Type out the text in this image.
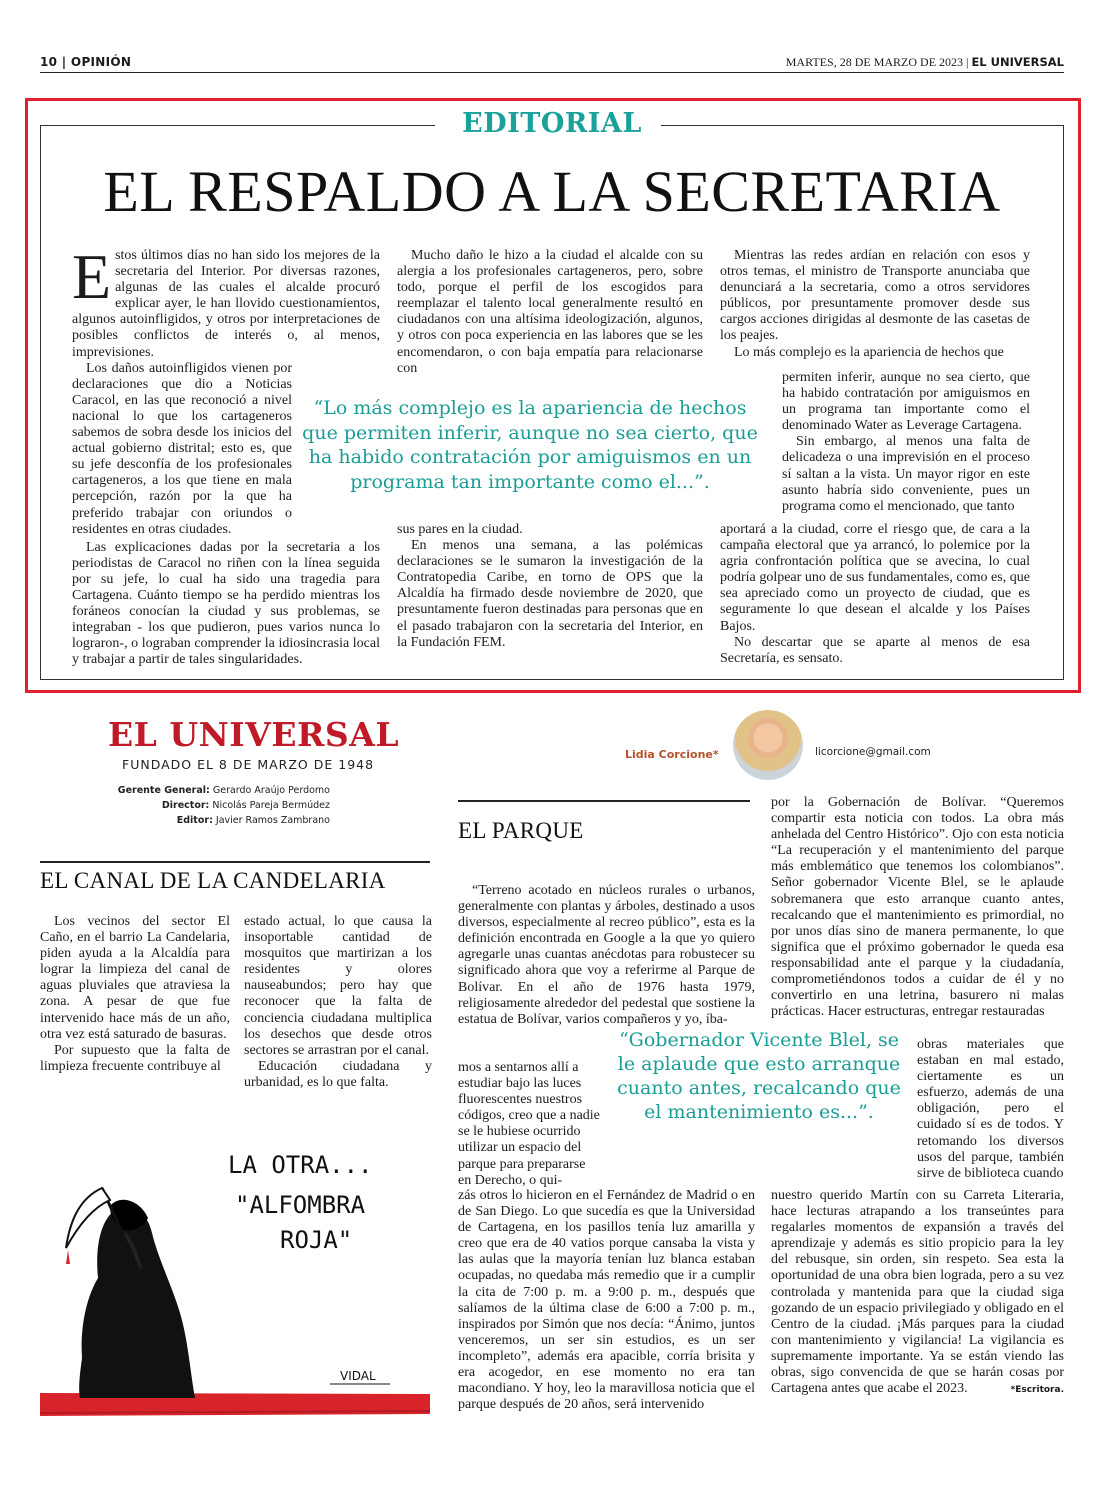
10 | OPINIÓN	MARTES, 28 DE MARZO DE 2023 | EL UNIVERSAL
EDITORIAL
EL RESPALDO A LA SECRETARIA
E stos últimos días no han sido los mejores de la secretaria del Interior. Por diversas razones, algunas de las cuales el alcalde procuró explicar ayer, le han llovido cuestionamientos, algunos autoinfligidos, y otros por interpretaciones de posibles conflictos de interés o, al menos, imprevisiones.

Los daños autoinfligidos vienen por declaraciones que dio a Noticias Caracol, en las que reconoció a nivel nacional lo que los cartageneros sabemos de sobra desde los inicios del actual gobierno distrital; esto es, que su jefe desconfía de los profesionales cartageneros, a los que tiene en mala percepción, razón por la que ha preferido trabajar con oriundos o residentes en otras ciudades.

Las explicaciones dadas por la secretaria a los periodistas de Caracol no riñen con la línea seguida por su jefe, lo cual ha sido una tragedia para Cartagena. Cuánto tiempo se ha perdido mientras los foráneos conocían la ciudad y sus problemas, se integraban - los que pudieron, pues varios nunca lo lograron-, o lograban comprender la idiosincrasia local y trabajar a partir de tales singularidades.

Mucho daño le hizo a la ciudad el alcalde con su alergia a los profesionales cartageneros, pero, sobre todo, porque el perfil de los escogidos para reemplazar el talento local generalmente resultó en ciudadanos con una altísima ideologización, algunos, y otros con poca experiencia en las labores que se les encomendaron, o con baja empatía para relacionarse con

sus pares en la ciudad.

En menos una semana, a las polémicas declaraciones se le sumaron la investigación de la Contratopedia Caribe, en torno de OPS que la Alcaldía ha firmado desde noviembre de 2020, que presuntamente fueron destinadas para personas que en el pasado trabajaron con la secretaria del Interior, en la Fundación FEM.

Mientras las redes ardían en relación con esos y otros temas, el ministro de Transporte anunciaba que denunciará a la secretaria, como a otros servidores públicos, por presuntamente promover desde sus cargos acciones dirigidas al desmonte de las casetas de los peajes.

Lo más complejo es la apariencia de hechos que

permiten inferir, aunque no sea cierto, que ha habido contratación por amiguismos en un programa tan importante como el denominado Water as Leverage Cartagena.

Sin embargo, al menos una falta de delicadeza o una imprevisión en el proceso sí saltan a la vista. Un mayor rigor en este asunto habría sido conveniente, pues un programa como el mencionado, que tanto

aportará a la ciudad, corre el riesgo que, de cara a la campaña electoral que ya arrancó, lo polemice por la agria confrontación política que se avecina, lo cual podría golpear uno de sus fundamentales, como es, que sea apreciado como un proyecto de ciudad, que es seguramente lo que desean el alcalde y los Países Bajos.

No descartar que se aparte al menos de esa Secretaría, es sensato.

“Lo más complejo es la apariencia de hechos que permiten inferir, aunque no sea cierto, que ha habido contratación por amiguismos en un programa tan importante como el...”.
EL UNIVERSAL
FUNDADO EL 8 DE MARZO DE 1948
Gerente General: Gerardo Araújo Perdomo
Director: Nicolás Pareja Bermúdez
Editor: Javier Ramos Zambrano
EL CANAL DE LA CANDELARIA

Los vecinos del sector El Caño, en el barrio La Candelaria, piden ayuda a la Alcaldía para lograr la limpieza del canal de aguas pluviales que atraviesa la zona. A pesar de que fue intervenido hace más de un año, otra vez está saturado de basuras.

Por supuesto que la falta de limpieza frecuente contribuye al

estado actual, lo que causa la insoportable cantidad de mosquitos que martirizan a los residentes y olores nauseabundos; pero hay que reconocer que la falta de conciencia ciudadana multiplica los desechos que desde otros sectores se arrastran por el canal.

Educación ciudadana y urbanidad, es lo que falta.

LA OTRA...
"ALFOMBRA
ROJA"
VIDAL
Lidia Corcione*	licorcione@gmail.com
EL PARQUE

“Terreno acotado en núcleos rurales o urbanos, generalmente con plantas y árboles, destinado a usos diversos, especialmente al recreo público”, esta es la definición encontrada en Google a la que yo quiero agregarle unas cuantas anécdotas para robustecer su significado ahora que voy a referirme al Parque de Bolívar. En el año de 1976 hasta 1979, religiosamente alrededor del pedestal que sostiene la estatua de Bolívar, varios compañeros y yo, íba-

mos a sentarnos allí a estudiar bajo las luces fluorescentes nuestros códigos, creo que a nadie se le hubiese ocurrido utilizar un espacio del parque para prepararse en Derecho, o qui-

zás otros lo hicieron en el Fernández de Madrid o en de San Diego. Lo que sucedía es que la Universidad de Cartagena, en los pasillos tenía luz amarilla y creo que era de 40 vatios porque cansaba la vista y las aulas que la mayoría tenían luz blanca estaban ocupadas, no quedaba más remedio que ir a cumplir la cita de 7:00 p. m. a 9:00 p. m., después que salíamos de la última clase de 6:00 a 7:00 p. m., inspirados por Simón que nos decía: “Ánimo, juntos venceremos, un ser sin estudios, es un ser incompleto”, además era apacible, corría brisita y era acogedor, en ese momento no era tan macondiano. Y hoy, leo la maravillosa noticia que el parque después de 20 años, será intervenido

por la Gobernación de Bolívar. “Queremos compartir esta noticia con todos. La obra más anhelada del Centro Histórico”. Ojo con esta noticia “La recuperación y el mantenimiento del parque más emblemático que tenemos los colombianos”. Señor gobernador Vicente Blel, se le aplaude sobremanera que esto arranque cuanto antes, recalcando que el mantenimiento es primordial, no por unos días sino de manera permanente, lo que significa que el próximo gobernador le queda esa responsabilidad ante el parque y la ciudadanía, comprometiéndonos todos a cuidar de él y no convertirlo en una letrina, basurero ni malas prácticas. Hacer estructuras, entregar restauradas

obras materiales que estaban en mal estado, ciertamente es un esfuerzo, además de una obligación, pero el cuidado sí es de todos. Y retomando los diversos usos del parque, también sirve de biblioteca cuando

nuestro querido Martín con su Carreta Literaria, hace lecturas atrapando a los transeúntes para regalarles momentos de expansión a través del aprendizaje y además es sitio propicio para la ley del rebusque, sin orden, sin respeto. Sea esta la oportunidad de una obra bien lograda, pero a su vez controlada y mantenida para que la ciudad siga gozando de un espacio privilegiado y obligado en el Centro de la ciudad. ¡Más parques para la ciudad con mantenimiento y vigilancia! La vigilancia es supremamente importante. Ya se están viendo las obras, sigo convencida de que se harán cosas por Cartagena antes que acabe el 2023.

“Gobernador Vicente Blel, se le aplaude que esto arranque cuanto antes, recalcando que el mantenimiento es...”.
*Escritora.
